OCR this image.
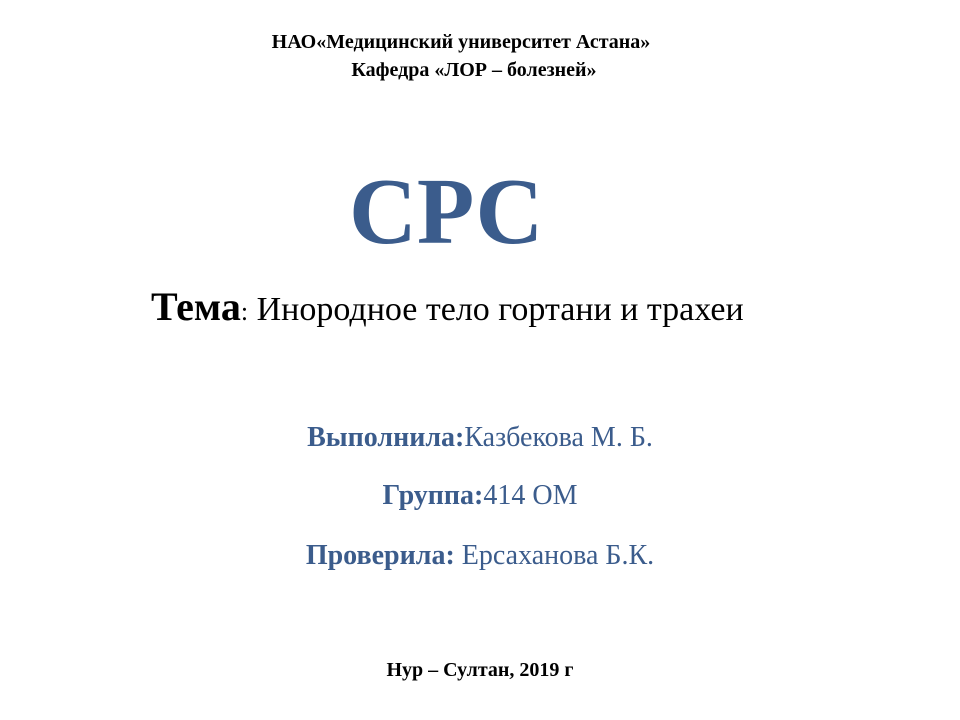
НАО«Медицинский университет Астана»
Кафедра «ЛОР – болезней»
СРС
Тема: Инородное тело гортани и трахеи
Выполнила:Казбекова М. Б.
Группа:414 ОМ
Проверила: Ерсаханова Б.К.
Нур – Султан, 2019 г
